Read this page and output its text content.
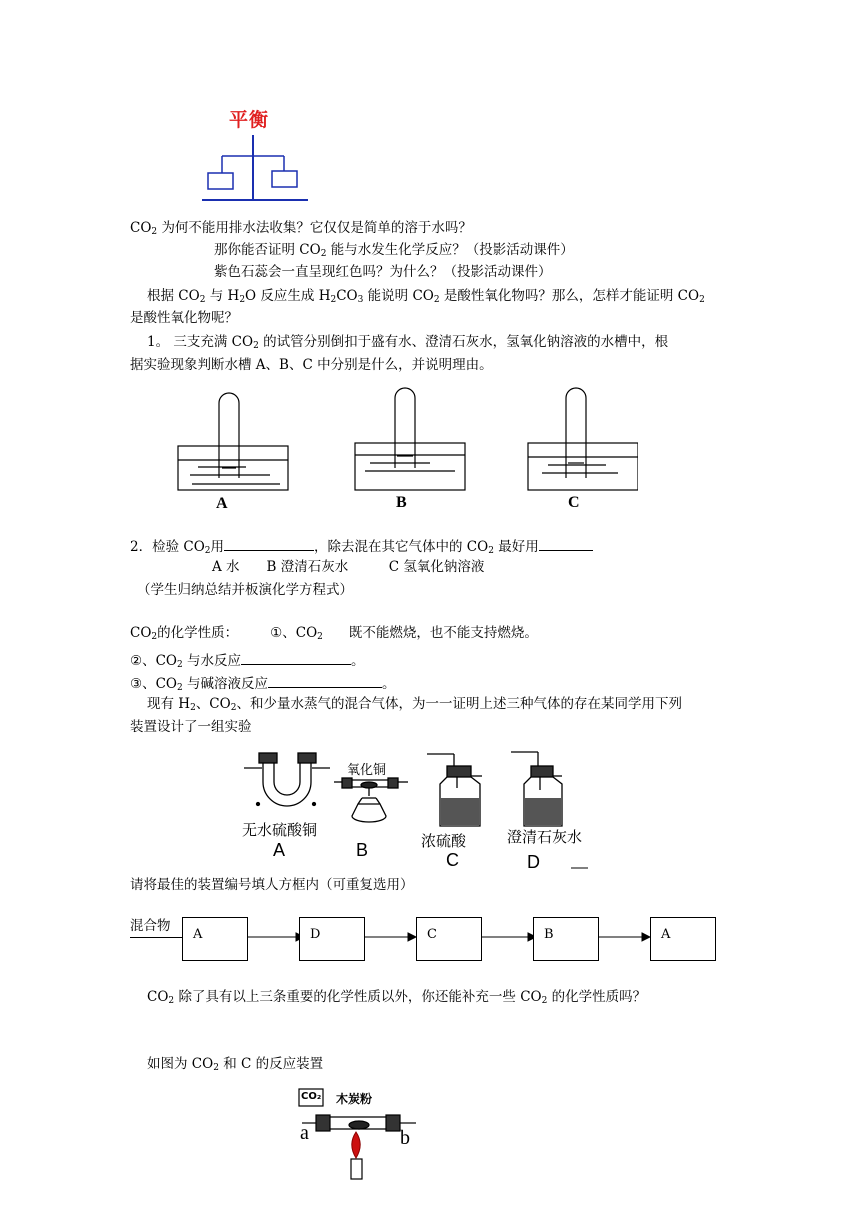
平衡
$CO_2$ 为何不能用排水法收集？它仅仅是简单的溶于水吗？
那你能否证明 $CO_2$ 能与水发生化学反应？（投影活动课件）
紫色石蕊会一直呈现红色吗？为什么？（投影活动课件）
根据 $CO_2$ 与 $H_2O$ 反应生成 $H_2CO_3$ 能说明 $CO_2$ 是酸性氧化物吗？那么，怎样才能证明 $CO_2$
是酸性氧化物呢？
1。 三支充满 $CO_2$ 的试管分别倒扣于盛有水、澄清石灰水，氢氧化钠溶液的水槽中，根
据实验现象判断水槽 A、B、C 中分别是什么，并说明理由。
A	B	C
2．检验 $CO_2$用	，除去混在其它气体中的 $CO_2$ 最好用
A 水　　B 澄清石灰水　　　C 氢氧化钠溶液
（学生归纳总结并板演化学方程式）
$CO_2$的化学性质： ①、$CO_2$ 既不能燃烧，也不能支持燃烧。
②、$CO_2$ 与水反应	。
③、$CO_2$ 与碱溶液反应	。
现有 $H_2$、$CO_2$、和少量水蒸气的混合气体，为一一证明上述三种气体的存在某同学用下列
装置设计了一组实验
氧化铜
无水硫酸铜
浓硫酸	澄清石灰水
A	B	C	D
请将最佳的装置编号填人方框内（可重复选用）
混合物
A	D	C	B	A
$CO_2$ 除了具有以上三条重要的化学性质以外，你还能补充一些 $CO_2$ 的化学性质吗？
如图为 $CO_2$ 和 C 的反应装置
CO₂ 木炭粉
a	b
